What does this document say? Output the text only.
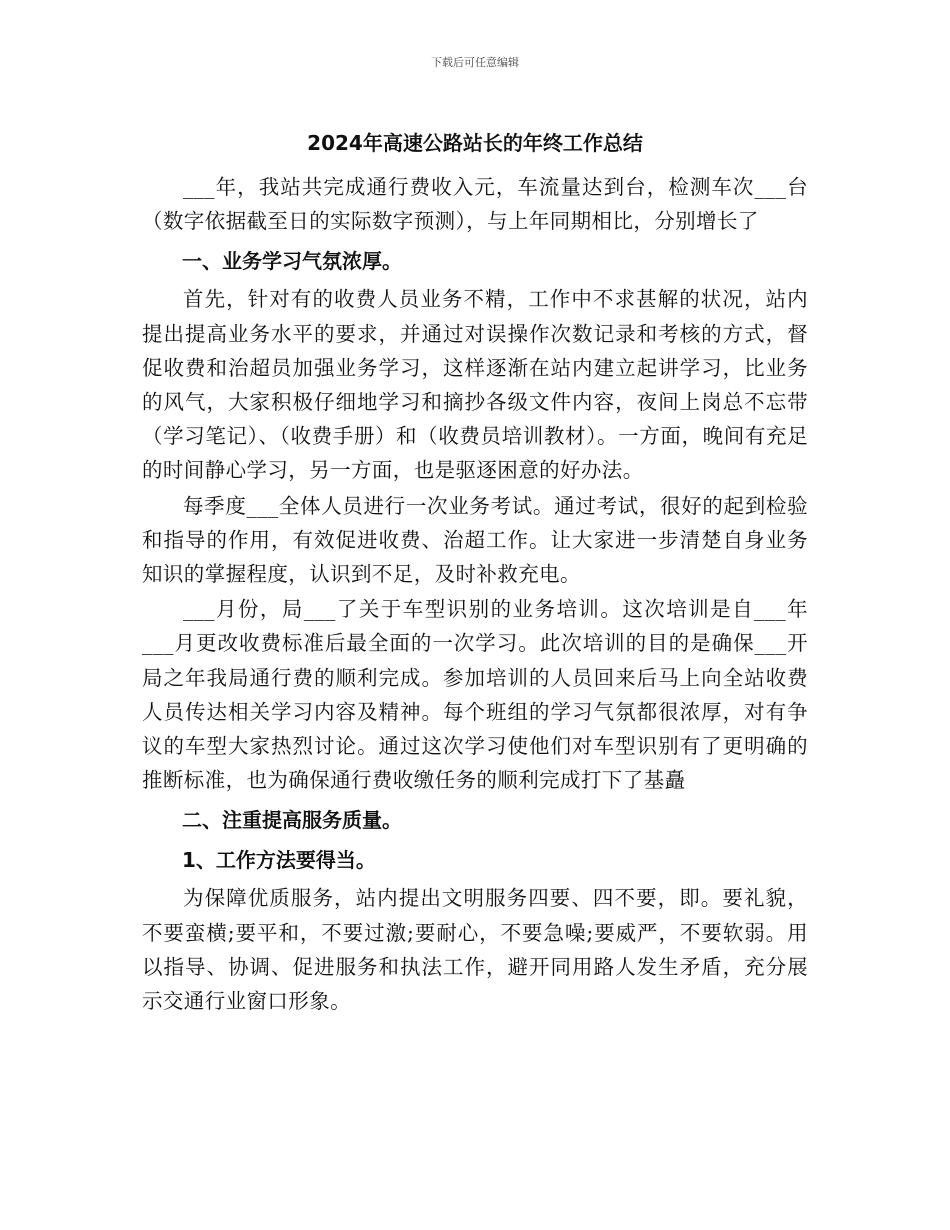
下载后可任意编辑
2024年高速公路站长的年终工作总结

___年，我站共完成通行费收入元，车流量达到台，检测车次___台（数字依据截至日的实际数字预测），与上年同期相比，分别增长了

一、业务学习气氛浓厚。

首先，针对有的收费人员业务不精，工作中不求甚解的状况，站内提出提高业务水平的要求，并通过对误操作次数记录和考核的方式，督促收费和治超员加强业务学习，这样逐渐在站内建立起讲学习，比业务的风气，大家积极仔细地学习和摘抄各级文件内容，夜间上岗总不忘带（学习笔记）、（收费手册）和（收费员培训教材）。一方面，晚间有充足的时间静心学习，另一方面，也是驱逐困意的好办法。

每季度___全体人员进行一次业务考试。通过考试，很好的起到检验和指导的作用，有效促进收费、治超工作。让大家进一步清楚自身业务知识的掌握程度，认识到不足，及时补救充电。

___月份，局___了关于车型识别的业务培训。这次培训是自___年___月更改收费标准后最全面的一次学习。此次培训的目的是确保___开局之年我局通行费的顺利完成。参加培训的人员回来后马上向全站收费人员传达相关学习内容及精神。每个班组的学习气氛都很浓厚，对有争议的车型大家热烈讨论。通过这次学习使他们对车型识别有了更明确的推断标准，也为确保通行费收缴任务的顺利完成打下了基矗

二、注重提高服务质量。
1、工作方法要得当。

为保障优质服务，站内提出文明服务四要、四不要，即。要礼貌，不要蛮横;要平和，不要过激;要耐心，不要急噪;要威严，不要软弱。用以指导、协调、促进服务和执法工作，避开同用路人发生矛盾，充分展示交通行业窗口形象。
